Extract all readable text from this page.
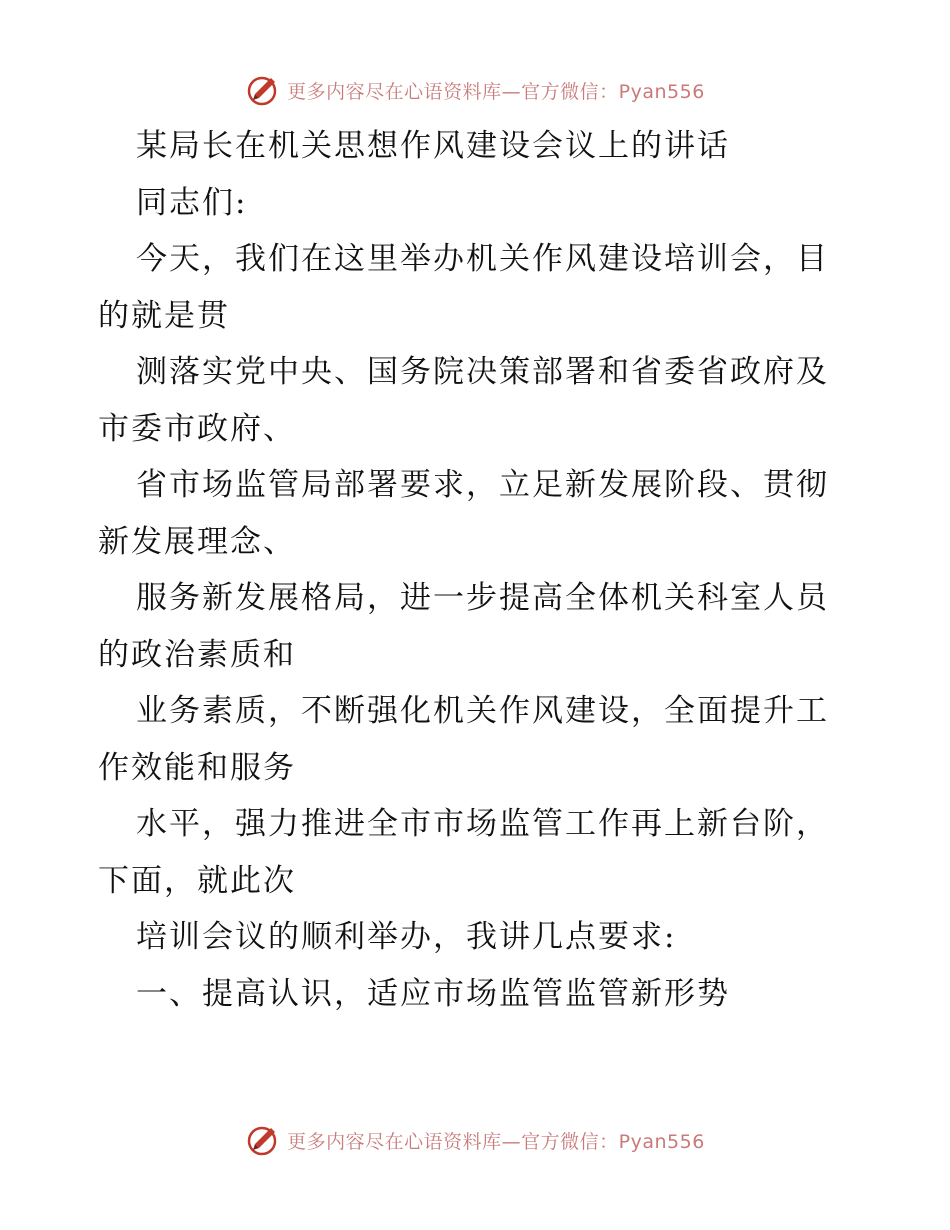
更多内容尽在心语资料库—官方微信：Pyan556
某局长在机关思想作风建设会议上的讲话
同志们:
今天，我们在这里举办机关作风建设培训会，目
的就是贯
测落实党中央、国务院决策部署和省委省政府及
市委市政府、
省市场监管局部署要求，立足新发展阶段、贯彻
新发展理念、
服务新发展格局，进一步提高全体机关科室人员
的政治素质和
业务素质，不断强化机关作风建设，全面提升工
作效能和服务
水平，强力推进全市市场监管工作再上新台阶，
下面，就此次
培训会议的顺利举办，我讲几点要求:
一、提高认识，适应市场监管监管新形势
更多内容尽在心语资料库—官方微信：Pyan556
